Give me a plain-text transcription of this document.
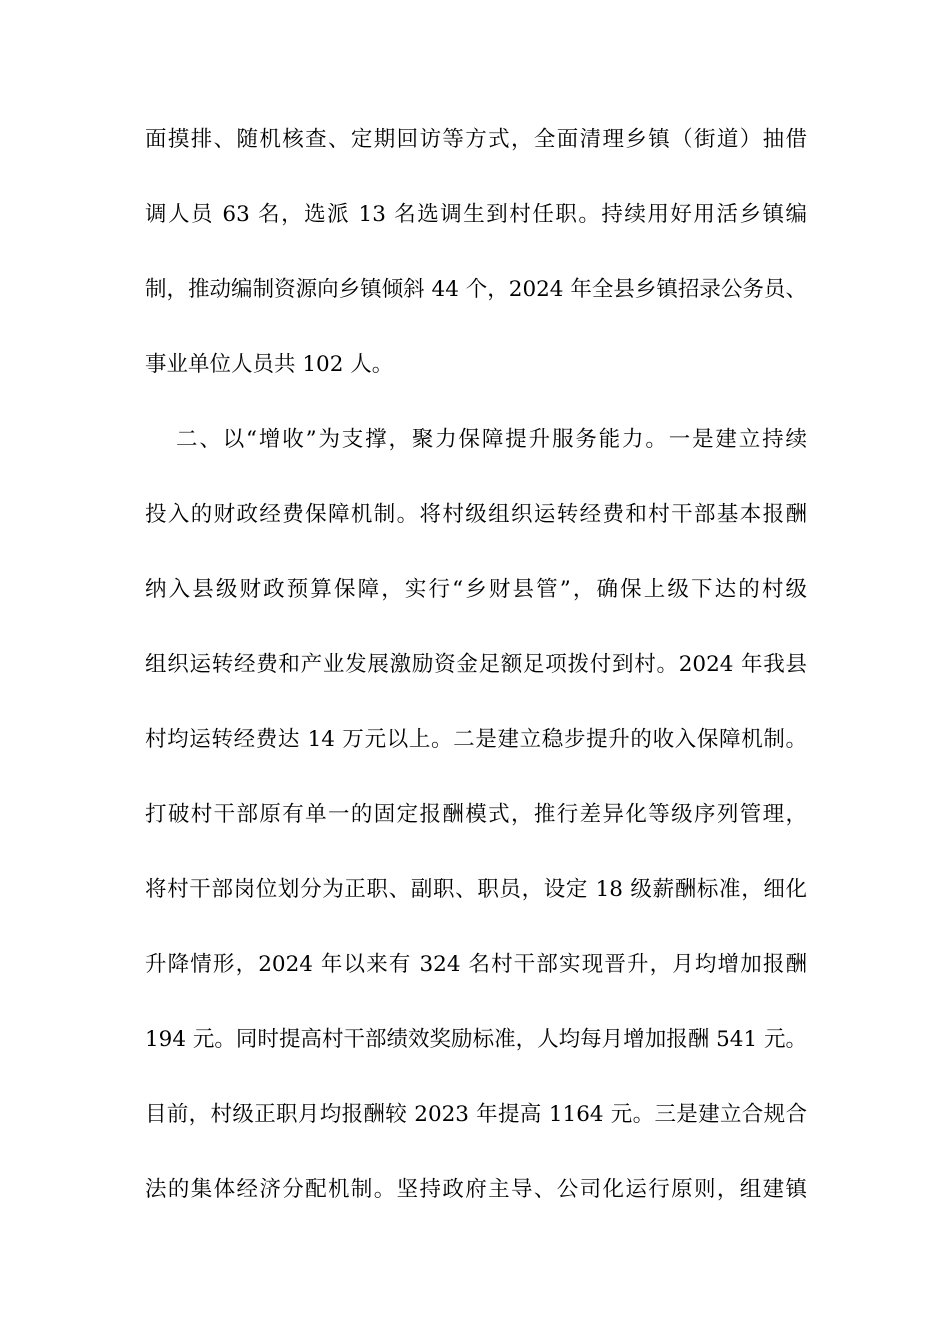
面摸排、随机核查、定期回访等方式，全面清理乡镇（街道）抽借
调人员 63 名，选派 13 名选调生到村任职。持续用好用活乡镇编
制，推动编制资源向乡镇倾斜 44 个，2024 年全县乡镇招录公务员、
事业单位人员共 102 人。
二、以“增收”为支撑，聚力保障提升服务能力。一是建立持续
投入的财政经费保障机制。将村级组织运转经费和村干部基本报酬
纳入县级财政预算保障，实行“乡财县管”，确保上级下达的村级
组织运转经费和产业发展激励资金足额足项拨付到村。2024 年我县
村均运转经费达 14 万元以上。二是建立稳步提升的收入保障机制。
打破村干部原有单一的固定报酬模式，推行差异化等级序列管理，
将村干部岗位划分为正职、副职、职员，设定 18 级薪酬标准，细化
升降情形，2024 年以来有 324 名村干部实现晋升，月均增加报酬
194 元。同时提高村干部绩效奖励标准，人均每月增加报酬 541 元。
目前，村级正职月均报酬较 2023 年提高 1164 元。三是建立合规合
法的集体经济分配机制。坚持政府主导、公司化运行原则，组建镇
